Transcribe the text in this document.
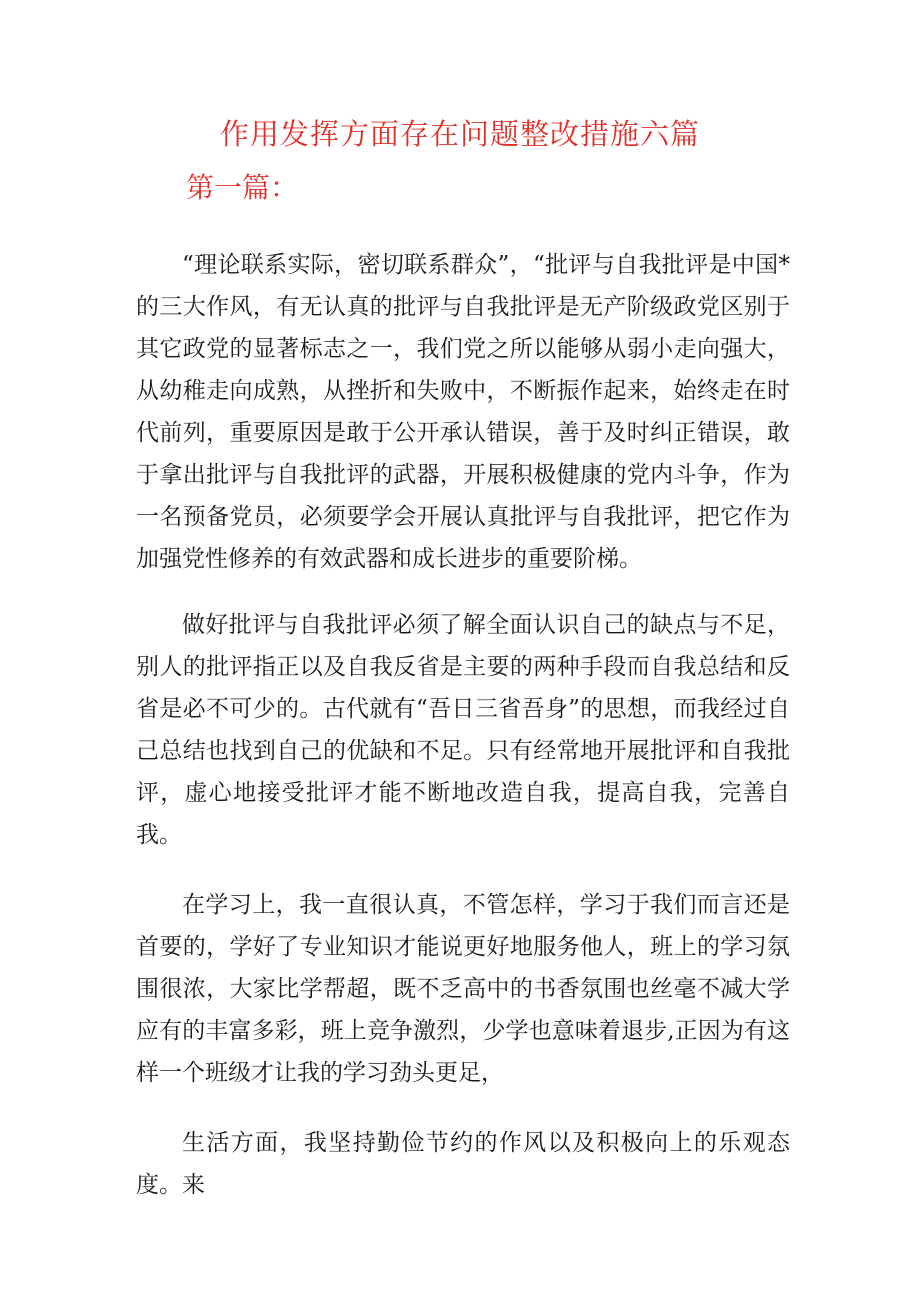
作用发挥方面存在问题整改措施六篇
第一篇：

“理论联系实际，密切联系群众”，“批评与自我批评是中国*的三大作风，有无认真的批评与自我批评是无产阶级政党区别于其它政党的显著标志之一，我们党之所以能够从弱小走向强大，从幼稚走向成熟，从挫折和失败中，不断振作起来，始终走在时代前列，重要原因是敢于公开承认错误，善于及时纠正错误，敢于拿出批评与自我批评的武器，开展积极健康的党内斗争，作为一名预备党员，必须要学会开展认真批评与自我批评，把它作为加强党性修养的有效武器和成长进步的重要阶梯。

做好批评与自我批评必须了解全面认识自己的缺点与不足，别人的批评指正以及自我反省是主要的两种手段而自我总结和反省是必不可少的。古代就有“吾日三省吾身”的思想，而我经过自己总结也找到自己的优缺和不足。只有经常地开展批评和自我批评，虚心地接受批评才能不断地改造自我，提高自我，完善自我。

在学习上，我一直很认真，不管怎样，学习于我们而言还是首要的，学好了专业知识才能说更好地服务他人，班上的学习氛围很浓，大家比学帮超，既不乏高中的书香氛围也丝毫不减大学应有的丰富多彩，班上竞争激烈，少学也意味着退步,正因为有这样一个班级才让我的学习劲头更足，

生活方面，我坚持勤俭节约的作风以及积极向上的乐观态度。来
